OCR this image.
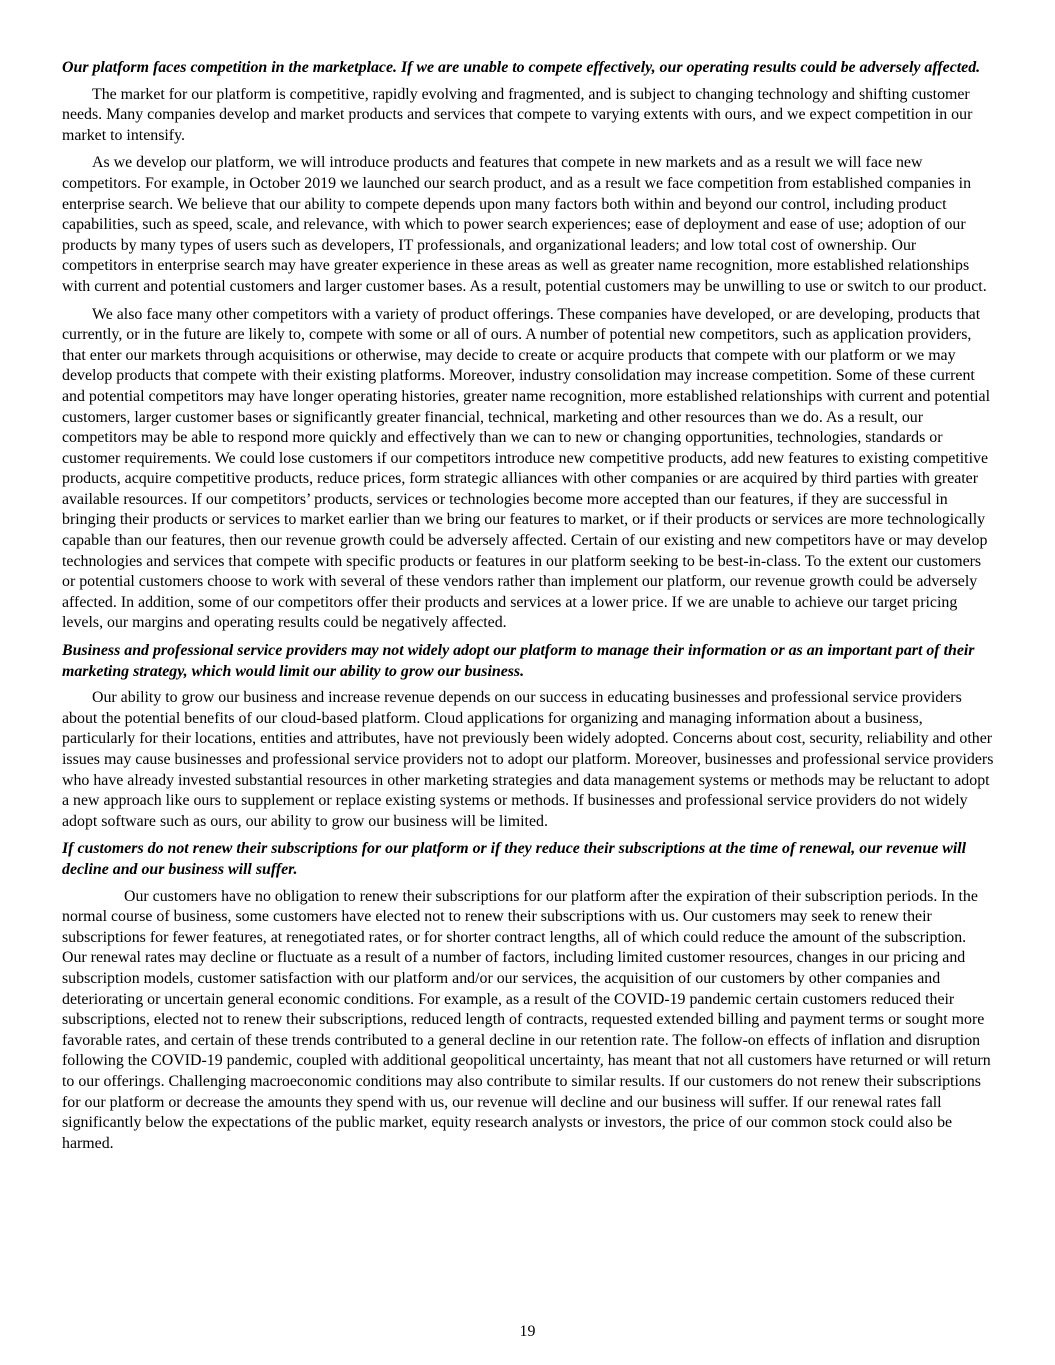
Our platform faces competition in the marketplace. If we are unable to compete effectively, our operating results could be adversely affected.

The market for our platform is competitive, rapidly evolving and fragmented, and is subject to changing technology and shifting customer needs. Many companies develop and market products and services that compete to varying extents with ours, and we expect competition in our market to intensify.

As we develop our platform, we will introduce products and features that compete in new markets and as a result we will face new competitors. For example, in October 2019 we launched our search product, and as a result we face competition from established companies in enterprise search. We believe that our ability to compete depends upon many factors both within and beyond our control, including product capabilities, such as speed, scale, and relevance, with which to power search experiences; ease of deployment and ease of use; adoption of our products by many types of users such as developers, IT professionals, and organizational leaders; and low total cost of ownership. Our competitors in enterprise search may have greater experience in these areas as well as greater name recognition, more established relationships with current and potential customers and larger customer bases. As a result, potential customers may be unwilling to use or switch to our product.

We also face many other competitors with a variety of product offerings. These companies have developed, or are developing, products that currently, or in the future are likely to, compete with some or all of ours. A number of potential new competitors, such as application providers, that enter our markets through acquisitions or otherwise, may decide to create or acquire products that compete with our platform or we may develop products that compete with their existing platforms. Moreover, industry consolidation may increase competition. Some of these current and potential competitors may have longer operating histories, greater name recognition, more established relationships with current and potential customers, larger customer bases or significantly greater financial, technical, marketing and other resources than we do. As a result, our competitors may be able to respond more quickly and effectively than we can to new or changing opportunities, technologies, standards or customer requirements. We could lose customers if our competitors introduce new competitive products, add new features to existing competitive products, acquire competitive products, reduce prices, form strategic alliances with other companies or are acquired by third parties with greater available resources. If our competitors’ products, services or technologies become more accepted than our features, if they are successful in bringing their products or services to market earlier than we bring our features to market, or if their products or services are more technologically capable than our features, then our revenue growth could be adversely affected. Certain of our existing and new competitors have or may develop technologies and services that compete with specific products or features in our platform seeking to be best-in-class. To the extent our customers or potential customers choose to work with several of these vendors rather than implement our platform, our revenue growth could be adversely affected. In addition, some of our competitors offer their products and services at a lower price. If we are unable to achieve our target pricing levels, our margins and operating results could be negatively affected.

Business and professional service providers may not widely adopt our platform to manage their information or as an important part of their marketing strategy, which would limit our ability to grow our business.

Our ability to grow our business and increase revenue depends on our success in educating businesses and professional service providers about the potential benefits of our cloud-based platform. Cloud applications for organizing and managing information about a business, particularly for their locations, entities and attributes, have not previously been widely adopted. Concerns about cost, security, reliability and other issues may cause businesses and professional service providers not to adopt our platform. Moreover, businesses and professional service providers who have already invested substantial resources in other marketing strategies and data management systems or methods may be reluctant to adopt a new approach like ours to supplement or replace existing systems or methods. If businesses and professional service providers do not widely adopt software such as ours, our ability to grow our business will be limited.

If customers do not renew their subscriptions for our platform or if they reduce their subscriptions at the time of renewal, our revenue will decline and our business will suffer.

Our customers have no obligation to renew their subscriptions for our platform after the expiration of their subscription periods. In the normal course of business, some customers have elected not to renew their subscriptions with us. Our customers may seek to renew their subscriptions for fewer features, at renegotiated rates, or for shorter contract lengths, all of which could reduce the amount of the subscription. Our renewal rates may decline or fluctuate as a result of a number of factors, including limited customer resources, changes in our pricing and subscription models, customer satisfaction with our platform and/or our services, the acquisition of our customers by other companies and deteriorating or uncertain general economic conditions. For example, as a result of the COVID-19 pandemic certain customers reduced their subscriptions, elected not to renew their subscriptions, reduced length of contracts, requested extended billing and payment terms or sought more favorable rates, and certain of these trends contributed to a general decline in our retention rate. The follow-on effects of inflation and disruption following the COVID-19 pandemic, coupled with additional geopolitical uncertainty, has meant that not all customers have returned or will return to our offerings. Challenging macroeconomic conditions may also contribute to similar results. If our customers do not renew their subscriptions for our platform or decrease the amounts they spend with us, our revenue will decline and our business will suffer. If our renewal rates fall significantly below the expectations of the public market, equity research analysts or investors, the price of our common stock could also be harmed.

19
